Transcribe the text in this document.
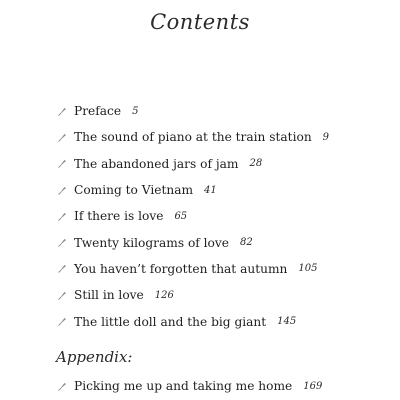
Contents
Preface 5
The sound of piano at the train station 9
The abandoned jars of jam 28
Coming to Vietnam 41
If there is love 65
Twenty kilograms of love 82
You haven’t forgotten that autumn 105
Still in love 126
The little doll and the big giant 145
Appendix:
Picking me up and taking me home 169
